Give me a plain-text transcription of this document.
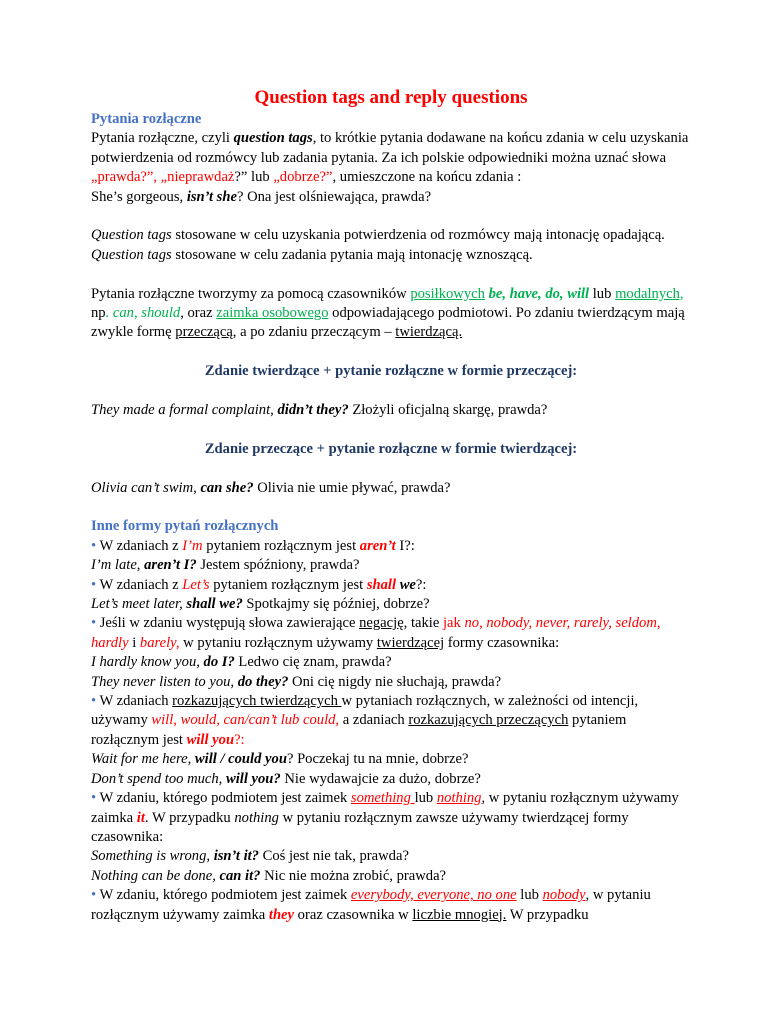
Question tags and reply questions

Pytania rozłączne

Pytania rozłączne, czyli question tags, to krótkie pytania dodawane na końcu zdania w celu uzyskania potwierdzenia od rozmówcy lub zadania pytania. Za ich polskie odpowiedniki można uznać słowa „prawda?”, „nieprawdaż?” lub „dobrze?”, umieszczone na końcu zdania :

She’s gorgeous, isn’t she? Ona jest olśniewająca, prawda?

Question tags stosowane w celu uzyskania potwierdzenia od rozmówcy mają intonację opadającą. Question tags stosowane w celu zadania pytania mają intonację wznoszącą.

Pytania rozłączne tworzymy za pomocą czasowników posiłkowych be, have, do, will lub modalnych, np. can, should, oraz zaimka osobowego odpowiadającego podmiotowi. Po zdaniu twierdzącym mają zwykle formę przeczącą, a po zdaniu przeczącym – twierdzącą.

Zdanie twierdzące + pytanie rozłączne w formie przeczącej:

They made a formal complaint, didn’t they? Złożyli oficjalną skargę, prawda?

Zdanie przeczące + pytanie rozłączne w formie twierdzącej:

Olivia can’t swim, can she? Olivia nie umie pływać, prawda?

Inne formy pytań rozłącznych

• W zdaniach z I’m pytaniem rozłącznym jest aren’t I?:

I’m late, aren’t I? Jestem spóźniony, prawda?

• W zdaniach z Let’s pytaniem rozłącznym jest shall we?:

Let’s meet later, shall we? Spotkajmy się później, dobrze?

• Jeśli w zdaniu występują słowa zawierające negację, takie jak no, nobody, never, rarely, seldom, hardly i barely, w pytaniu rozłącznym używamy twierdzącej formy czasownika:

I hardly know you, do I? Ledwo cię znam, prawda?

They never listen to you, do they? Oni cię nigdy nie słuchają, prawda?

• W zdaniach rozkazujących twierdzących w pytaniach rozłącznych, w zależności od intencji, używamy will, would, can/can’t lub could, a zdaniach rozkazujących przeczących pytaniem rozłącznym jest will you?:

Wait for me here, will / could you? Poczekaj tu na mnie, dobrze?

Don’t spend too much, will you? Nie wydawajcie za dużo, dobrze?

• W zdaniu, którego podmiotem jest zaimek something lub nothing, w pytaniu rozłącznym używamy zaimka it. W przypadku nothing w pytaniu rozłącznym zawsze używamy twierdzącej formy czasownika:

Something is wrong, isn’t it? Coś jest nie tak, prawda?

Nothing can be done, can it? Nic nie można zrobić, prawda?

• W zdaniu, którego podmiotem jest zaimek everybody, everyone, no one lub nobody, w pytaniu rozłącznym używamy zaimka they oraz czasownika w liczbie mnogiej. W przypadku
